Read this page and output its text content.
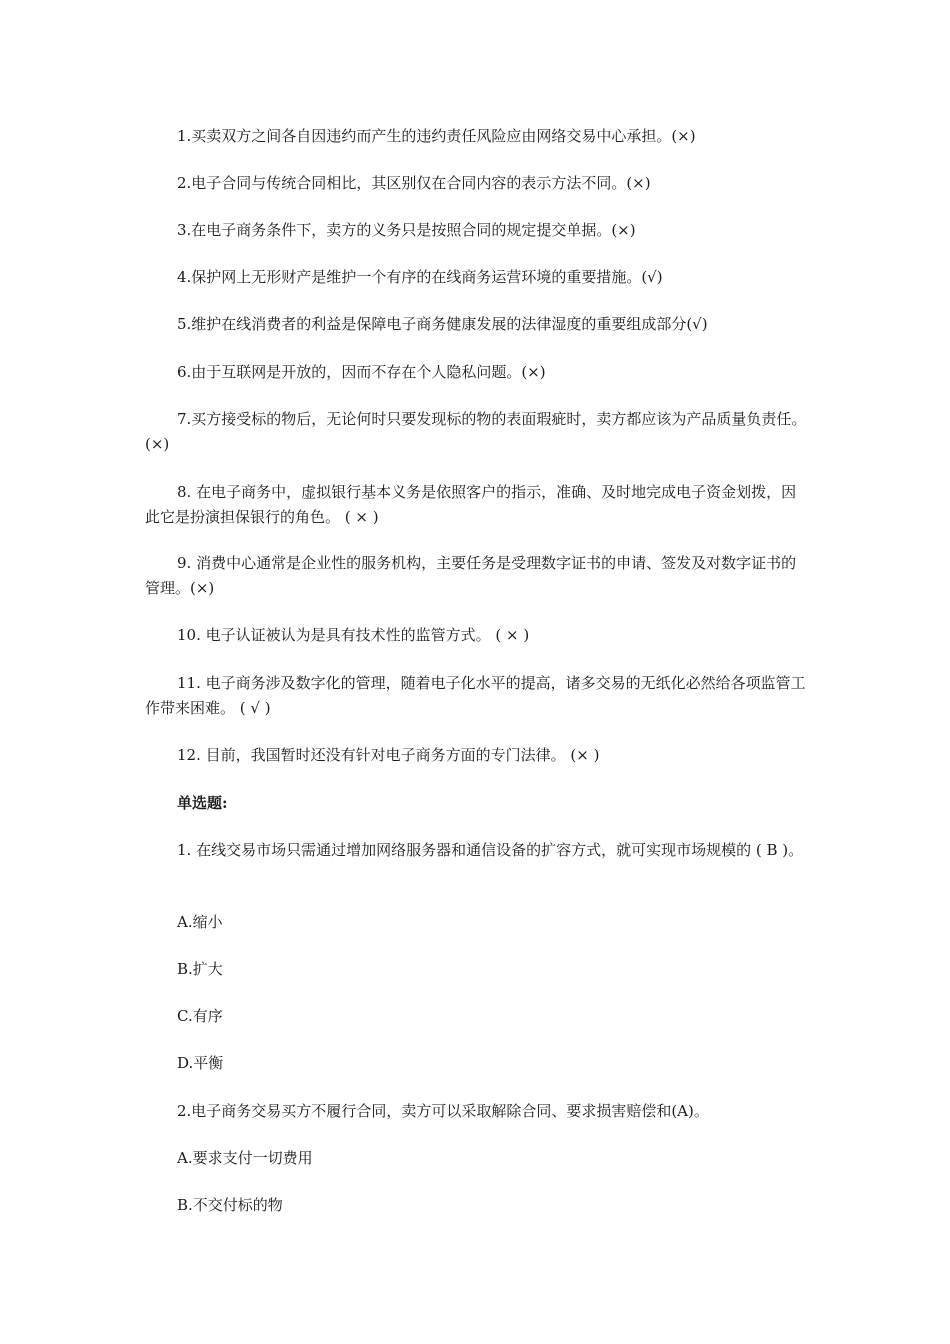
1.买卖双方之间各自因违约而产生的违约责任风险应由网络交易中心承担。(×)

2.电子合同与传统合同相比，其区别仅在合同内容的表示方法不同。(×)

3.在电子商务条件下，卖方的义务只是按照合同的规定提交单据。(×)

4.保护网上无形财产是维护一个有序的在线商务运营环境的重要措施。(√)

5.维护在线消费者的利益是保障电子商务健康发展的法律湿度的重要组成部分(√)

6.由于互联网是开放的，因而不存在个人隐私问题。(×)

7.买方接受标的物后，无论何时只要发现标的物的表面瑕疵时，卖方都应该为产品质量负责任。(×)

8. 在电子商务中，虚拟银行基本义务是依照客户的指示，准确、及时地完成电子资金划拨，因此它是扮演担保银行的角色。 ( × )

9. 消费中心通常是企业性的服务机构，主要任务是受理数字证书的申请、签发及对数字证书的管理。(×)

10. 电子认证被认为是具有技术性的监管方式。 ( × )

11. 电子商务涉及数字化的管理，随着电子化水平的提高，诸多交易的无纸化必然给各项监管工作带来困难。 ( √ )

12. 目前，我国暂时还没有针对电子商务方面的专门法律。 (× )

单选题:

1. 在线交易市场只需通过增加网络服务器和通信设备的扩容方式，就可实现市场规模的 ( B )。

A.缩小

B.扩大

C.有序

D.平衡

2.电子商务交易买方不履行合同，卖方可以采取解除合同、要求损害赔偿和(A)。

A.要求支付一切费用

B.不交付标的物
